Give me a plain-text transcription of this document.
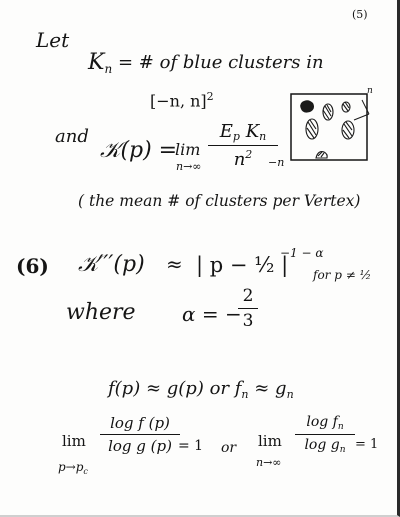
(5)
Let
Kn = # of blue clusters in
[−n, n]$^2$
and
𝒦(p) =
lim
n→∞
Ep Kn
$n^2$
n
−n
( the mean # of clusters per Vertex)
(6) 𝒦′′′(p) ≈ | p − ½ |
−1 − α
for p ≠ ½
where α = −
2
3
f(p) ≈ g(p) or $f_n \approx g_n$
lim
$p\to p_c$
log f (p)
log g (p) = 1 or lim
n→∞
$\log f_n$
$\log g_n = 1$
